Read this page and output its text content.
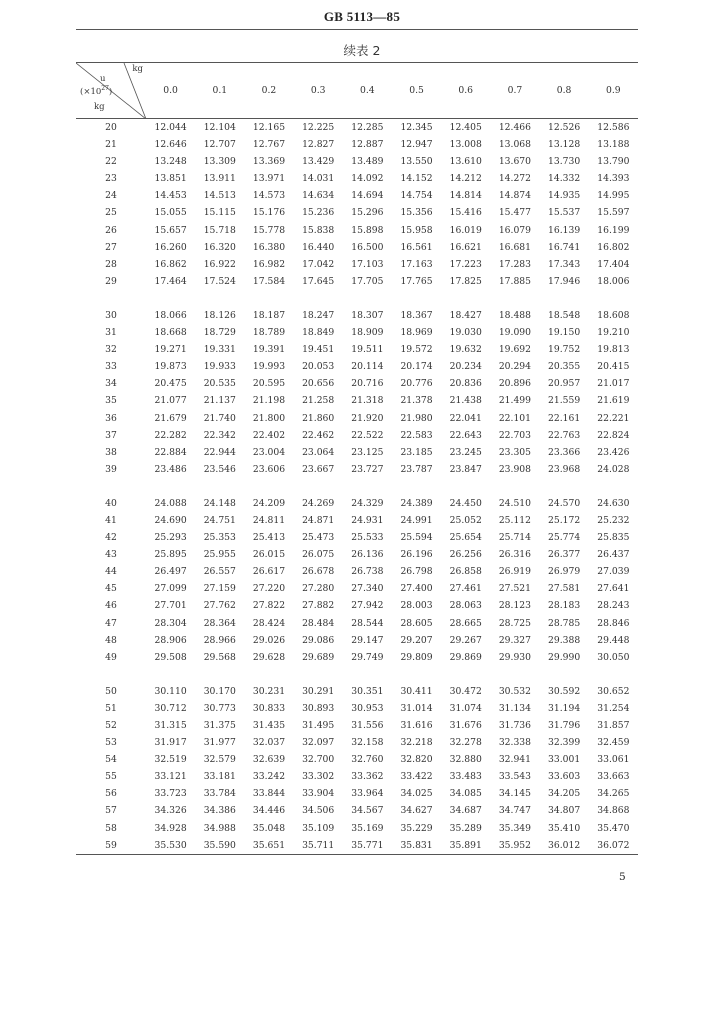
GB 5113—85
续表 2
kg
u
$(\times 10^{27})$
kg	0.0	0.1	0.2	0.3	0.4	0.5	0.6	0.7	0.8	0.9
20	12.044	12.104	12.165	12.225	12.285	12.345	12.405	12.466	12.526	12.586
21	12.646	12.707	12.767	12.827	12.887	12.947	13.008	13.068	13.128	13.188
22	13.248	13.309	13.369	13.429	13.489	13.550	13.610	13.670	13.730	13.790
23	13.851	13.911	13.971	14.031	14.092	14.152	14.212	14.272	14.332	14.393
24	14.453	14.513	14.573	14.634	14.694	14.754	14.814	14.874	14.935	14.995
25	15.055	15.115	15.176	15.236	15.296	15.356	15.416	15.477	15.537	15.597
26	15.657	15.718	15.778	15.838	15.898	15.958	16.019	16.079	16.139	16.199
27	16.260	16.320	16.380	16.440	16.500	16.561	16.621	16.681	16.741	16.802
28	16.862	16.922	16.982	17.042	17.103	17.163	17.223	17.283	17.343	17.404
29	17.464	17.524	17.584	17.645	17.705	17.765	17.825	17.885	17.946	18.006

30	18.066	18.126	18.187	18.247	18.307	18.367	18.427	18.488	18.548	18.608
31	18.668	18.729	18.789	18.849	18.909	18.969	19.030	19.090	19.150	19.210
32	19.271	19.331	19.391	19.451	19.511	19.572	19.632	19.692	19.752	19.813
33	19.873	19.933	19.993	20.053	20.114	20.174	20.234	20.294	20.355	20.415
34	20.475	20.535	20.595	20.656	20.716	20.776	20.836	20.896	20.957	21.017
35	21.077	21.137	21.198	21.258	21.318	21.378	21.438	21.499	21.559	21.619
36	21.679	21.740	21.800	21.860	21.920	21.980	22.041	22.101	22.161	22.221
37	22.282	22.342	22.402	22.462	22.522	22.583	22.643	22.703	22.763	22.824
38	22.884	22.944	23.004	23.064	23.125	23.185	23.245	23.305	23.366	23.426
39	23.486	23.546	23.606	23.667	23.727	23.787	23.847	23.908	23.968	24.028

40	24.088	24.148	24.209	24.269	24.329	24.389	24.450	24.510	24.570	24.630
41	24.690	24.751	24.811	24.871	24.931	24.991	25.052	25.112	25.172	25.232
42	25.293	25.353	25.413	25.473	25.533	25.594	25.654	25.714	25.774	25.835
43	25.895	25.955	26.015	26.075	26.136	26.196	26.256	26.316	26.377	26.437
44	26.497	26.557	26.617	26.678	26.738	26.798	26.858	26.919	26.979	27.039
45	27.099	27.159	27.220	27.280	27.340	27.400	27.461	27.521	27.581	27.641
46	27.701	27.762	27.822	27.882	27.942	28.003	28.063	28.123	28.183	28.243
47	28.304	28.364	28.424	28.484	28.544	28.605	28.665	28.725	28.785	28.846
48	28.906	28.966	29.026	29.086	29.147	29.207	29.267	29.327	29.388	29.448
49	29.508	29.568	29.628	29.689	29.749	29.809	29.869	29.930	29.990	30.050

50	30.110	30.170	30.231	30.291	30.351	30.411	30.472	30.532	30.592	30.652
51	30.712	30.773	30.833	30.893	30.953	31.014	31.074	31.134	31.194	31.254
52	31.315	31.375	31.435	31.495	31.556	31.616	31.676	31.736	31.796	31.857
53	31.917	31.977	32.037	32.097	32.158	32.218	32.278	32.338	32.399	32.459
54	32.519	32.579	32.639	32.700	32.760	32.820	32.880	32.941	33.001	33.061
55	33.121	33.181	33.242	33.302	33.362	33.422	33.483	33.543	33.603	33.663
56	33.723	33.784	33.844	33.904	33.964	34.025	34.085	34.145	34.205	34.265
57	34.326	34.386	34.446	34.506	34.567	34.627	34.687	34.747	34.807	34.868
58	34.928	34.988	35.048	35.109	35.169	35.229	35.289	35.349	35.410	35.470
59	35.530	35.590	35.651	35.711	35.771	35.831	35.891	35.952	36.012	36.072

5
